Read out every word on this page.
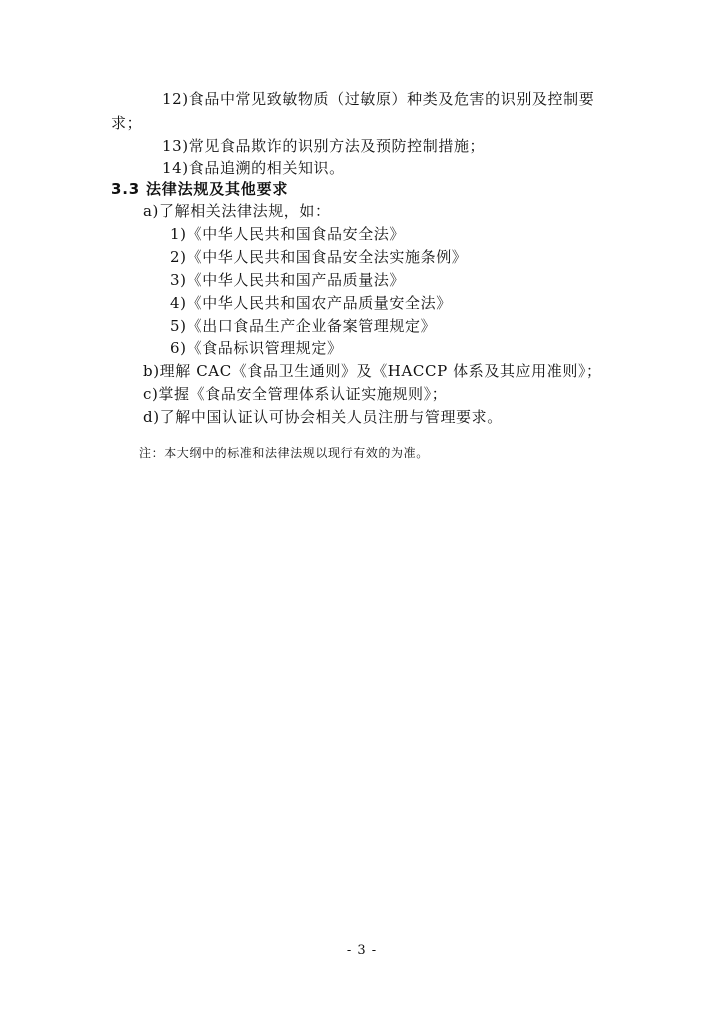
12)食品中常见致敏物质（过敏原）种类及危害的识别及控制要
求；
13)常见食品欺诈的识别方法及预防控制措施；
14)食品追溯的相关知识。
3.3 法律法规及其他要求
a)了解相关法律法规，如：
1)《中华人民共和国食品安全法》
2)《中华人民共和国食品安全法实施条例》
3)《中华人民共和国产品质量法》
4)《中华人民共和国农产品质量安全法》
5)《出口食品生产企业备案管理规定》
6)《食品标识管理规定》
b)理解 CAC《食品卫生通则》及《HACCP 体系及其应用准则》；
c)掌握《食品安全管理体系认证实施规则》；
d)了解中国认证认可协会相关人员注册与管理要求。
注：本大纲中的标准和法律法规以现行有效的为准。
- 3 -
